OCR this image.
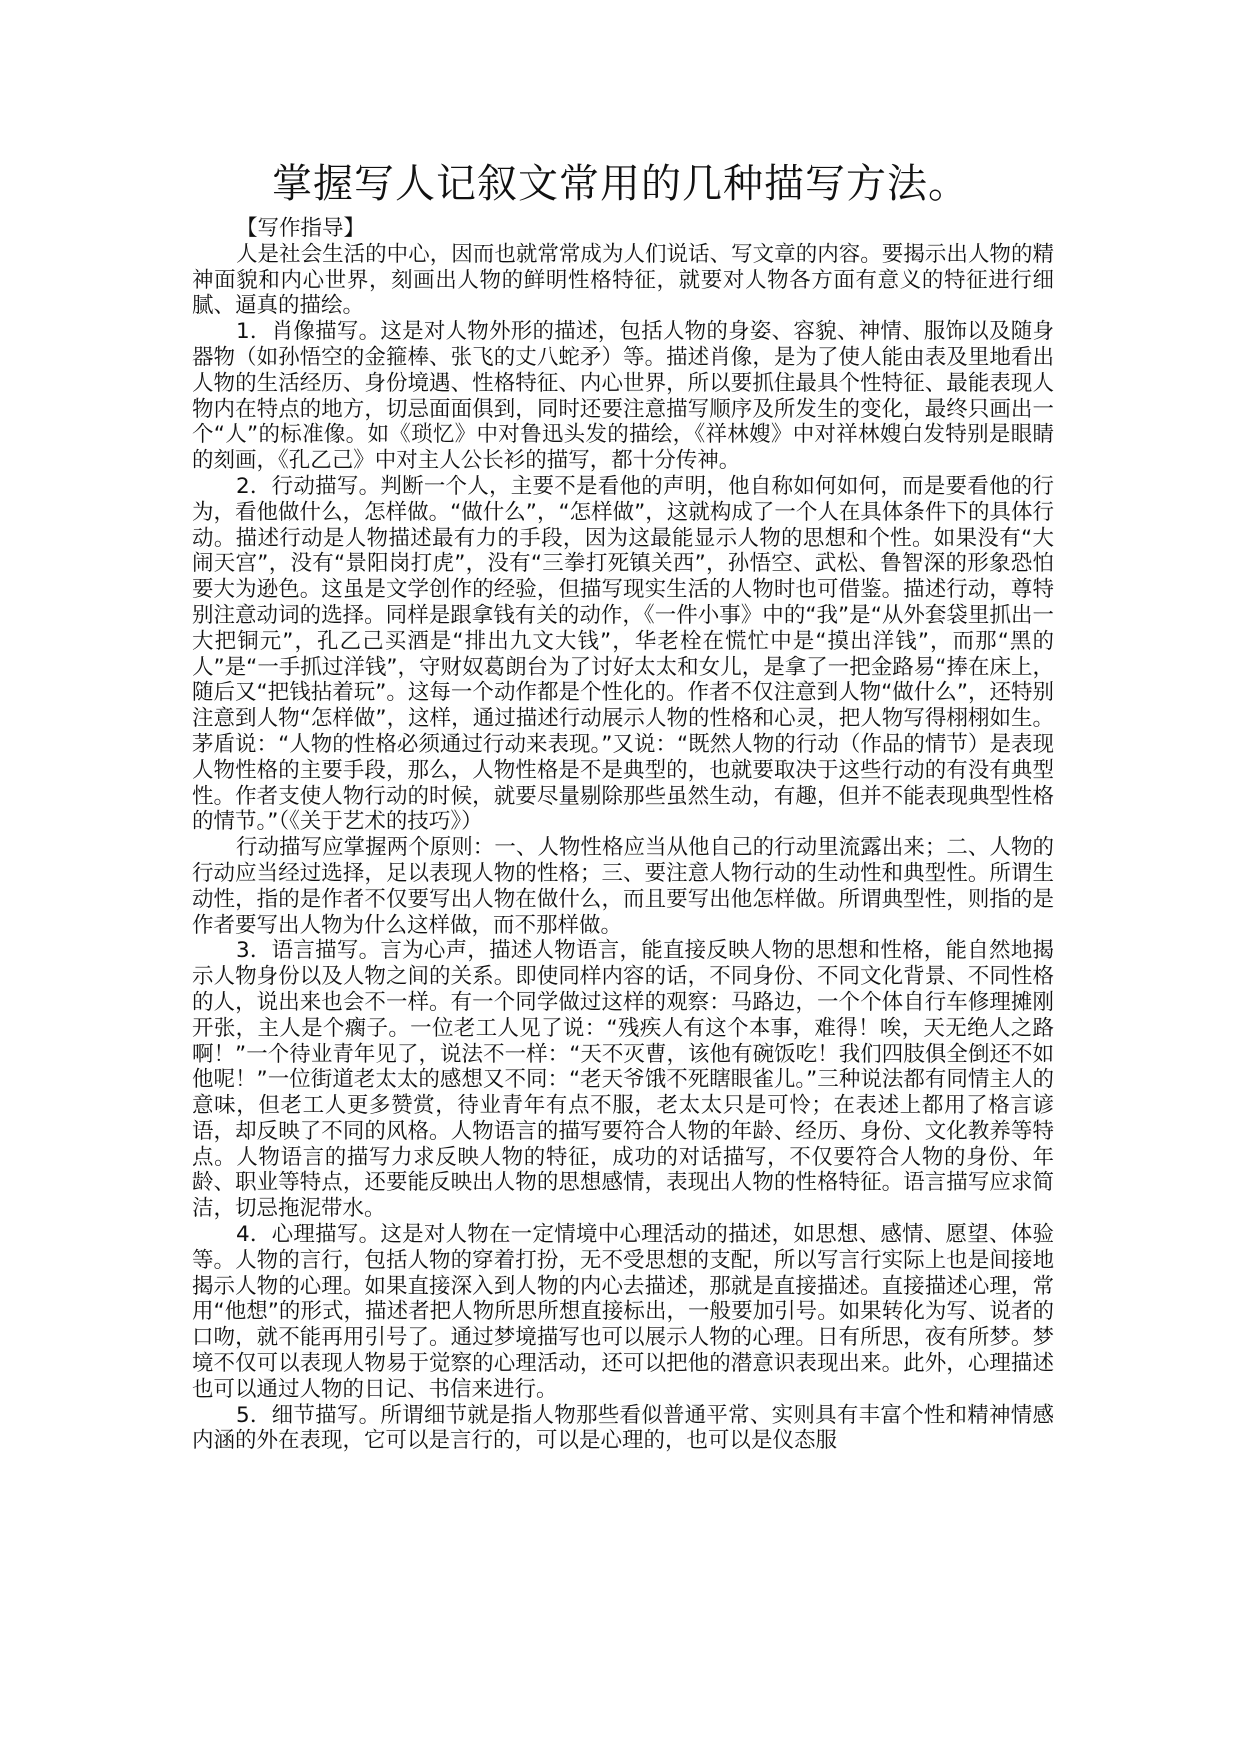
掌握写人记叙文常用的几种描写方法。

【写作指导】

人是社会生活的中心，因而也就常常成为人们说话、写文章的内容。要揭示出人物的精神面貌和内心世界，刻画出人物的鲜明性格特征，就要对人物各方面有意义的特征进行细腻、逼真的描绘。

1．肖像描写。这是对人物外形的描述，包括人物的身姿、容貌、神情、服饰以及随身器物（如孙悟空的金箍棒、张飞的丈八蛇矛）等。描述肖像，是为了使人能由表及里地看出人物的生活经历、身份境遇、性格特征、内心世界，所以要抓住最具个性特征、最能表现人物内在特点的地方，切忌面面俱到，同时还要注意描写顺序及所发生的变化，最终只画出一个“人”的标准像。如《琐忆》中对鲁迅头发的描绘，《祥林嫂》中对祥林嫂白发特别是眼睛的刻画，《孔乙己》中对主人公长衫的描写，都十分传神。

2．行动描写。判断一个人，主要不是看他的声明，他自称如何如何，而是要看他的行为，看他做什么，怎样做。“做什么”，“怎样做”，这就构成了一个人在具体条件下的具体行动。描述行动是人物描述最有力的手段，因为这最能显示人物的思想和个性。如果没有“大闹天宫”，没有“景阳岗打虎”，没有“三拳打死镇关西”，孙悟空、武松、鲁智深的形象恐怕要大为逊色。这虽是文学创作的经验，但描写现实生活的人物时也可借鉴。描述行动，尊特别注意动词的选择。同样是跟拿钱有关的动作，《一件小事》中的“我”是“从外套袋里抓出一大把铜元”，孔乙己买酒是“排出九文大钱”，华老栓在慌忙中是“摸出洋钱”，而那“黑的人”是“一手抓过洋钱”，守财奴葛朗台为了讨好太太和女儿，是拿了一把金路易“捧在床上，随后又“把钱拈着玩”。这每一个动作都是个性化的。作者不仅注意到人物“做什么”，还特别注意到人物“怎样做”，这样，通过描述行动展示人物的性格和心灵，把人物写得栩栩如生。茅盾说：“人物的性格必须通过行动来表现。”又说：“既然人物的行动（作品的情节）是表现人物性格的主要手段，那么，人物性格是不是典型的，也就要取决于这些行动的有没有典型性。作者支使人物行动的时候，就要尽量剔除那些虽然生动，有趣，但并不能表现典型性格的情节。”（《关于艺术的技巧》）

行动描写应掌握两个原则：一、人物性格应当从他自己的行动里流露出来；二、人物的行动应当经过选择，足以表现人物的性格；三、要注意人物行动的生动性和典型性。所谓生动性，指的是作者不仅要写出人物在做什么，而且要写出他怎样做。所谓典型性，则指的是作者要写出人物为什么这样做，而不那样做。

3．语言描写。言为心声，描述人物语言，能直接反映人物的思想和性格，能自然地揭示人物身份以及人物之间的关系。即使同样内容的话，不同身份、不同文化背景、不同性格的人，说出来也会不一样。有一个同学做过这样的观察：马路边，一个个体自行车修理摊刚开张，主人是个瘸子。一位老工人见了说：“残疾人有这个本事，难得！唉，天无绝人之路啊！”一个待业青年见了，说法不一样：“天不灭曹，该他有碗饭吃！我们四肢俱全倒还不如他呢！”一位街道老太太的感想又不同：“老天爷饿不死瞎眼雀儿。”三种说法都有同情主人的意味，但老工人更多赞赏，待业青年有点不服，老太太只是可怜；在表述上都用了格言谚语，却反映了不同的风格。人物语言的描写要符合人物的年龄、经历、身份、文化教养等特点。人物语言的描写力求反映人物的特征，成功的对话描写，不仅要符合人物的身份、年龄、职业等特点，还要能反映出人物的思想感情，表现出人物的性格特征。语言描写应求简洁，切忌拖泥带水。

4．心理描写。这是对人物在一定情境中心理活动的描述，如思想、感情、愿望、体验等。人物的言行，包括人物的穿着打扮，无不受思想的支配，所以写言行实际上也是间接地揭示人物的心理。如果直接深入到人物的内心去描述，那就是直接描述。直接描述心理，常用“他想”的形式，描述者把人物所思所想直接标出，一般要加引号。如果转化为写、说者的口吻，就不能再用引号了。通过梦境描写也可以展示人物的心理。日有所思，夜有所梦。梦境不仅可以表现人物易于觉察的心理活动，还可以把他的潜意识表现出来。此外，心理描述也可以通过人物的日记、书信来进行。

5．细节描写。所谓细节就是指人物那些看似普通平常、实则具有丰富个性和精神情感内涵的外在表现，它可以是言行的，可以是心理的，也可以是仪态服
